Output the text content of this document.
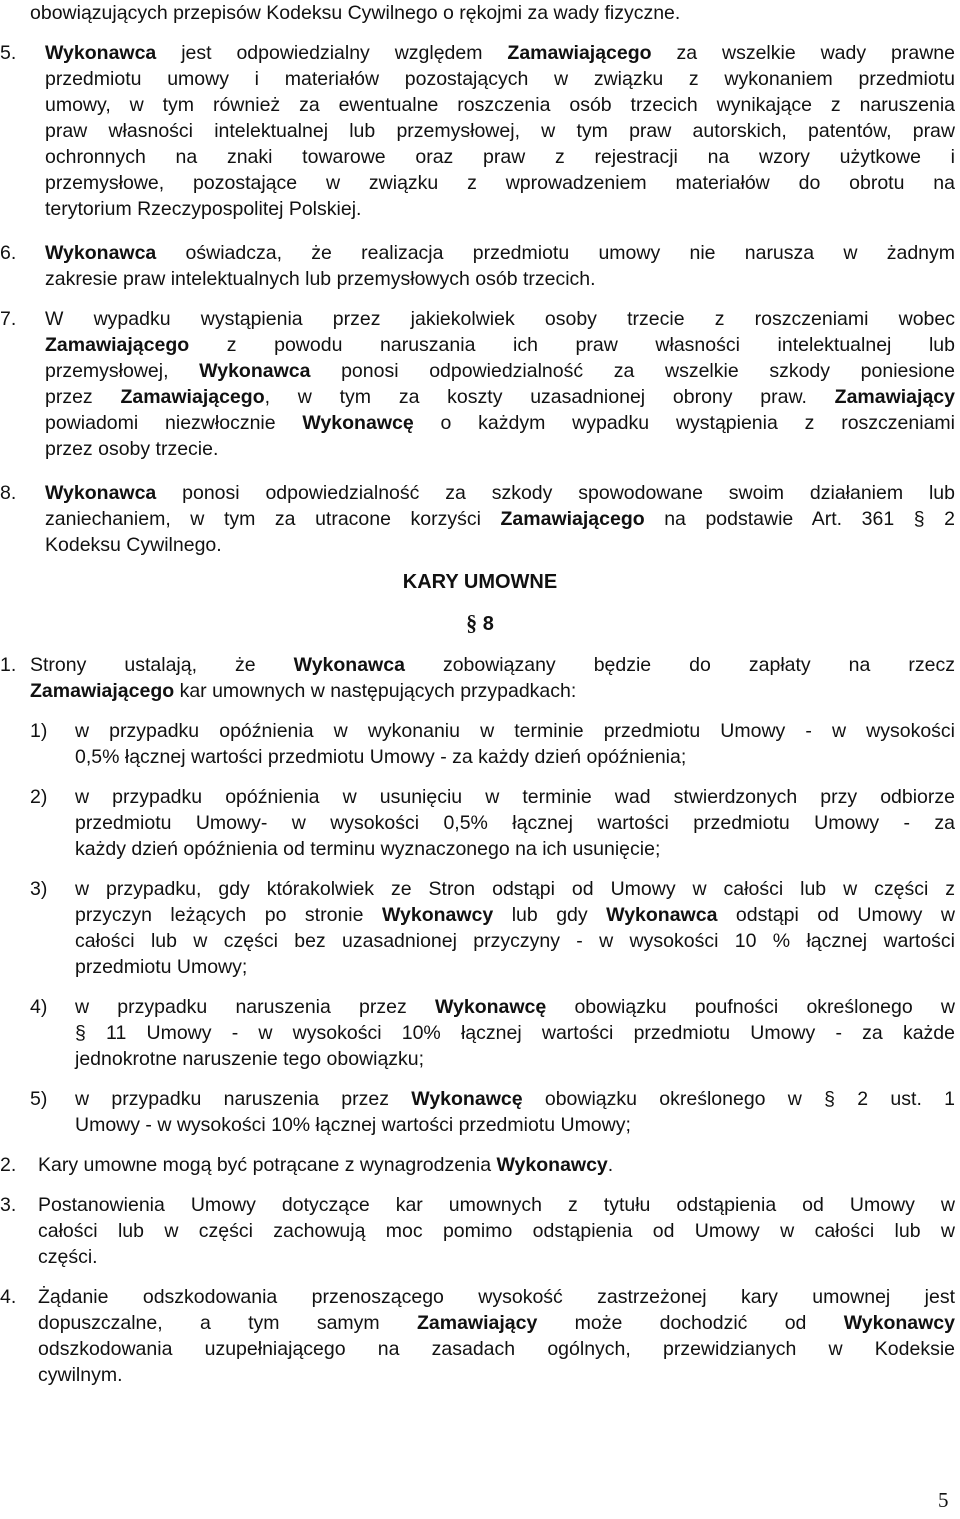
obowiązujących przepisów Kodeksu Cywilnego o rękojmi za wady fizyczne.
5. Wykonawca jest odpowiedzialny względem Zamawiającego za wszelkie wady prawne
przedmiotu umowy i materiałów pozostających w związku z wykonaniem przedmiotu
umowy, w tym również za ewentualne roszczenia osób trzecich wynikające z naruszenia
praw własności intelektualnej lub przemysłowej, w tym praw autorskich, patentów, praw
ochronnych na znaki towarowe oraz praw z rejestracji na wzory użytkowe i
przemysłowe, pozostające w związku z wprowadzeniem materiałów do obrotu na
terytorium Rzeczypospolitej Polskiej.
6. Wykonawca oświadcza, że realizacja przedmiotu umowy nie narusza w żadnym
zakresie praw intelektualnych lub przemysłowych osób trzecich.
7. W wypadku wystąpienia przez jakiekolwiek osoby trzecie z roszczeniami wobec
Zamawiającego z powodu naruszania ich praw własności intelektualnej lub
przemysłowej, Wykonawca ponosi odpowiedzialność za wszelkie szkody poniesione
przez Zamawiającego, w tym za koszty uzasadnionej obrony praw. Zamawiający
powiadomi niezwłocznie Wykonawcę o każdym wypadku wystąpienia z roszczeniami
przez osoby trzecie.
8. Wykonawca ponosi odpowiedzialność za szkody spowodowane swoim działaniem lub
zaniechaniem, w tym za utracone korzyści Zamawiającego na podstawie Art. 361 § 2
Kodeksu Cywilnego.
KARY UMOWNE
§ 8
1. Strony ustalają, że Wykonawca zobowiązany będzie do zapłaty na rzecz
Zamawiającego kar umownych w następujących przypadkach:
1) w przypadku opóźnienia w wykonaniu w terminie przedmiotu Umowy - w wysokości
0,5% łącznej wartości przedmiotu Umowy - za każdy dzień opóźnienia;
2) w przypadku opóźnienia w usunięciu w terminie wad stwierdzonych przy odbiorze
przedmiotu Umowy- w wysokości 0,5% łącznej wartości przedmiotu Umowy - za
każdy dzień opóźnienia od terminu wyznaczonego na ich usunięcie;
3) w przypadku, gdy którakolwiek ze Stron odstąpi od Umowy w całości lub w części z
przyczyn leżących po stronie Wykonawcy lub gdy Wykonawca odstąpi od Umowy w
całości lub w części bez uzasadnionej przyczyny - w wysokości 10 % łącznej wartości
przedmiotu Umowy;
4) w przypadku naruszenia przez Wykonawcę obowiązku poufności określonego w
§ 11 Umowy - w wysokości 10% łącznej wartości przedmiotu Umowy - za każde
jednokrotne naruszenie tego obowiązku;
5) w przypadku naruszenia przez Wykonawcę obowiązku określonego w § 2 ust. 1
Umowy - w wysokości 10% łącznej wartości przedmiotu Umowy;
2. Kary umowne mogą być potrącane z wynagrodzenia Wykonawcy.
3. Postanowienia Umowy dotyczące kar umownych z tytułu odstąpienia od Umowy w
całości lub w części zachowują moc pomimo odstąpienia od Umowy w całości lub w
części.
4. Żądanie odszkodowania przenoszącego wysokość zastrzeżonej kary umownej jest
dopuszczalne, a tym samym Zamawiający może dochodzić od Wykonawcy
odszkodowania uzupełniającego na zasadach ogólnych, przewidzianych w Kodeksie
cywilnym.
5
